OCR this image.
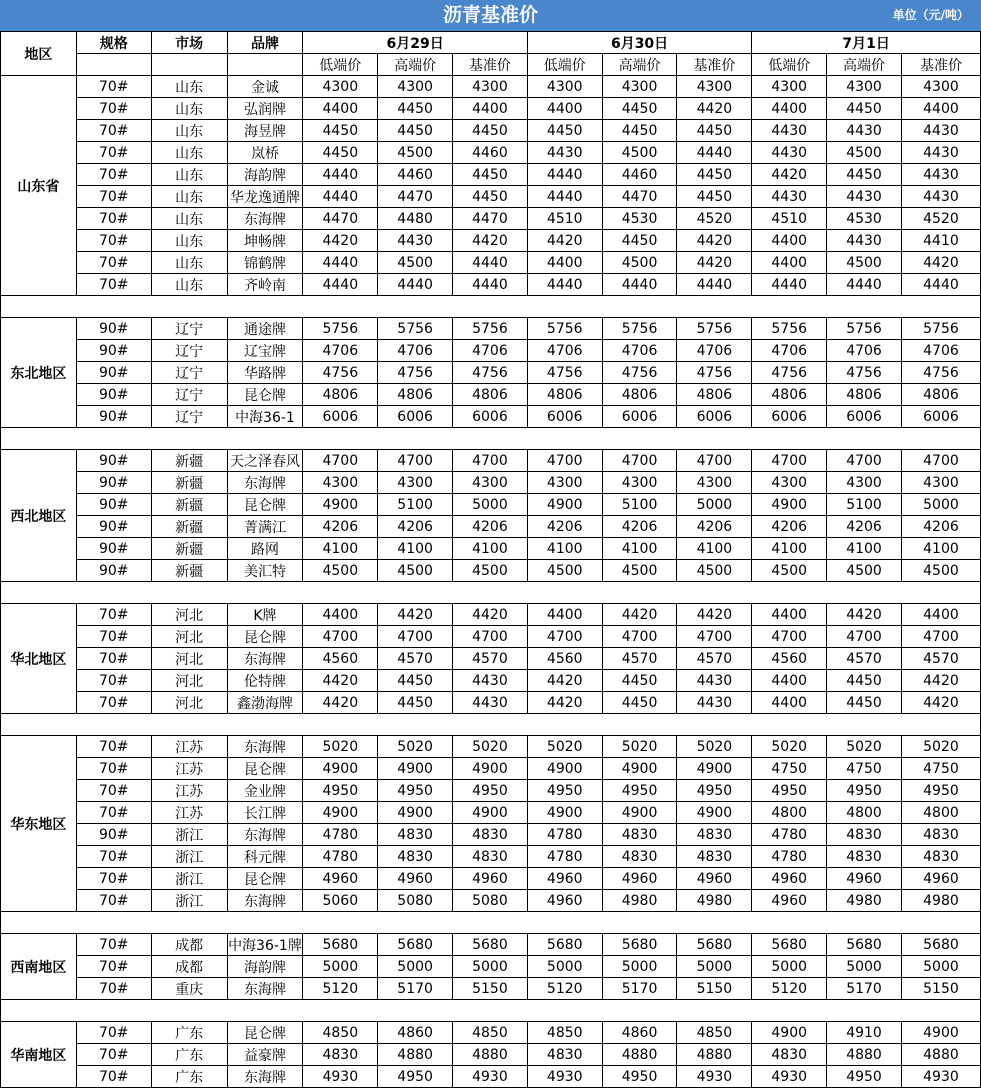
沥青基准价	单位（元/吨）
地区	规格	市场	品牌	6月29日			6月30日			7月1日		
				低端价	高端价	基准价	低端价	高端价	基准价	低端价	高端价	基准价
山东省	70#	山东	金诚	4300	4300	4300	4300	4300	4300	4300	4300	4300
	70#	山东	弘润牌	4400	4450	4400	4400	4450	4420	4400	4450	4400
	70#	山东	海昱牌	4450	4450	4450	4450	4450	4450	4430	4430	4430
	70#	山东	岚桥	4450	4500	4460	4430	4500	4440	4430	4500	4430
	70#	山东	海韵牌	4440	4460	4450	4440	4460	4450	4420	4450	4430
	70#	山东	华龙逸通牌	4440	4470	4450	4440	4470	4450	4430	4430	4430
	70#	山东	东海牌	4470	4480	4470	4510	4530	4520	4510	4530	4520
	70#	山东	坤畅牌	4420	4430	4420	4420	4450	4420	4400	4430	4410
	70#	山东	锦鹤牌	4440	4500	4440	4400	4500	4420	4400	4500	4420
	70#	山东	齐岭南	4440	4440	4440	4440	4440	4440	4440	4440	4440

东北地区	90#	辽宁	通途牌	5756	5756	5756	5756	5756	5756	5756	5756	5756
	90#	辽宁	辽宝牌	4706	4706	4706	4706	4706	4706	4706	4706	4706
	90#	辽宁	华路牌	4756	4756	4756	4756	4756	4756	4756	4756	4756
	90#	辽宁	昆仑牌	4806	4806	4806	4806	4806	4806	4806	4806	4806
	90#	辽宁	中海36-1	6006	6006	6006	6006	6006	6006	6006	6006	6006

西北地区	90#	新疆	天之泽春风	4700	4700	4700	4700	4700	4700	4700	4700	4700
	90#	新疆	东海牌	4300	4300	4300	4300	4300	4300	4300	4300	4300
	90#	新疆	昆仑牌	4900	5100	5000	4900	5100	5000	4900	5100	5000
	90#	新疆	菁满江	4206	4206	4206	4206	4206	4206	4206	4206	4206
	90#	新疆	路网	4100	4100	4100	4100	4100	4100	4100	4100	4100
	90#	新疆	美汇特	4500	4500	4500	4500	4500	4500	4500	4500	4500

华北地区	70#	河北	K牌	4400	4420	4420	4400	4420	4420	4400	4420	4400
	70#	河北	昆仑牌	4700	4700	4700	4700	4700	4700	4700	4700	4700
	70#	河北	东海牌	4560	4570	4570	4560	4570	4570	4560	4570	4570
	70#	河北	伦特牌	4420	4450	4430	4420	4450	4430	4400	4450	4420
	70#	河北	鑫渤海牌	4420	4450	4430	4420	4450	4430	4400	4450	4420

华东地区	70#	江苏	东海牌	5020	5020	5020	5020	5020	5020	5020	5020	5020
	70#	江苏	昆仑牌	4900	4900	4900	4900	4900	4900	4750	4750	4750
	70#	江苏	金业牌	4950	4950	4950	4950	4950	4950	4950	4950	4950
	70#	江苏	长江牌	4900	4900	4900	4900	4900	4900	4800	4800	4800
	90#	浙江	东海牌	4780	4830	4830	4780	4830	4830	4780	4830	4830
	70#	浙江	科元牌	4780	4830	4830	4780	4830	4830	4780	4830	4830
	70#	浙江	昆仑牌	4960	4960	4960	4960	4960	4960	4960	4960	4960
	70#	浙江	东海牌	5060	5080	5080	4960	4980	4980	4960	4980	4980

西南地区	70#	成都	中海36-1牌	5680	5680	5680	5680	5680	5680	5680	5680	5680
	70#	成都	海韵牌	5000	5000	5000	5000	5000	5000	5000	5000	5000
	70#	重庆	东海牌	5120	5170	5150	5120	5170	5150	5120	5170	5150

华南地区	70#	广东	昆仑牌	4850	4860	4850	4850	4860	4850	4900	4910	4900
	70#	广东	益豪牌	4830	4880	4880	4830	4880	4880	4830	4880	4880
	70#	广东	东海牌	4930	4950	4930	4930	4950	4930	4930	4950	4930
